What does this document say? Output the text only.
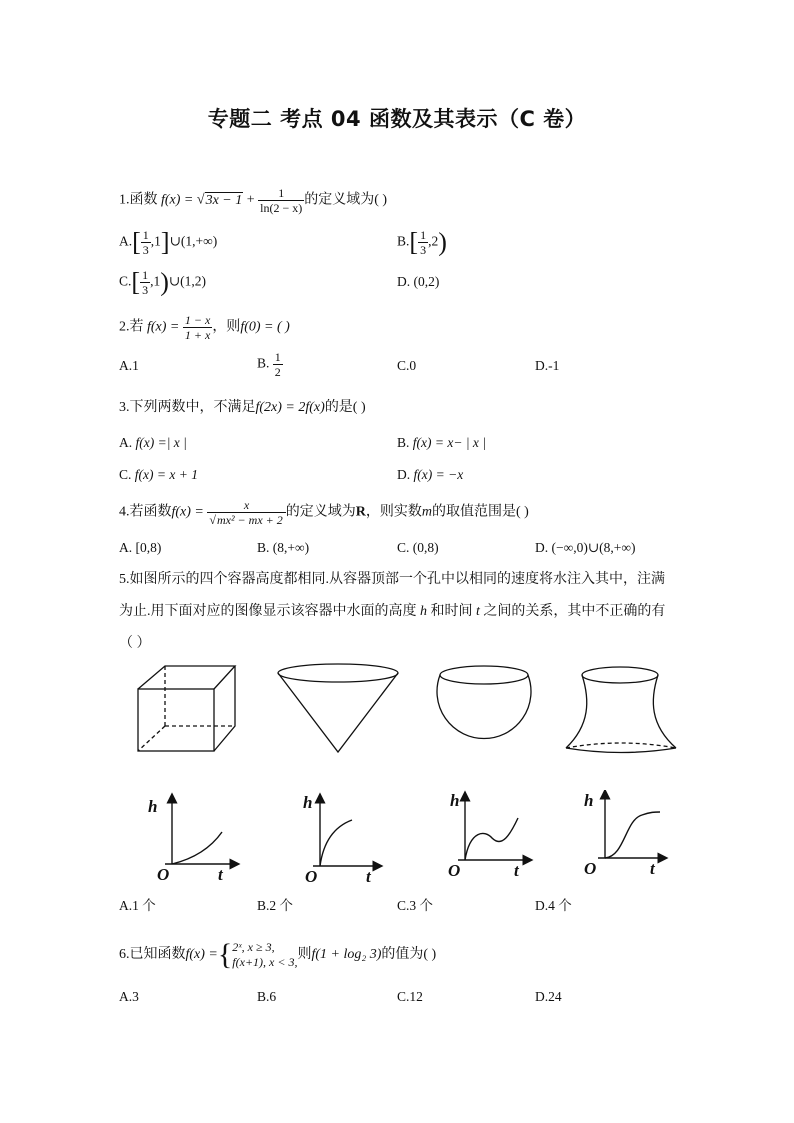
专题二 考点 04 函数及其表示（C 卷）
1.函数 $f(x) = √3x - 1 + \frac{1}{\ln(2 - x)}$ 的定义域为( )
$A.[ \frac{1}{3}$ ,1]∪(1,+∞)	$B.[ \frac{1}{3} ,2)$
$C.[ \frac{1}{3}$ ,1)∪(1,2)	D. (0,2)
2.若 $f(x) = \frac{1 - x}{1 + x}$ ，则f(0) = ( )
A.1	B. $\frac{1}{2}$	C.0	D.-1
3.下列两数中，不满足f(2x) = 2f(x)的是( )
A. f(x) =| x |	B. f(x) = x− | x |
C. f(x) = x + 1	D. f(x) = −x
4.若函数$f(x) = \frac{x}{\text{√mx² − mx + 2}}$ 的定义域为R，则实数m的取值范围是( )
A. [0,8)	B. (8,+∞)	C. (0,8)	D. (−∞,0)∪(8,+∞)
5.如图所示的四个容器高度都相同.从容器顶部一个孔中以相同的速度将水注入其中，注满
为止.用下面对应的图像显示该容器中水面的高度 h 和时间 t 之间的关系，其中不正确的有
（ ）
h
O	t
h
O	t
h
O	t
h
O	t
A.1 个	B.2 个	C.3 个	D.4 个
6.已知函数f(x) ={ 2ˣ, x ≥ 3,
f(x+1), x < 3, 则f(1 + log₂ 3)的值为( )
A.3	B.6	C.12	D.24
